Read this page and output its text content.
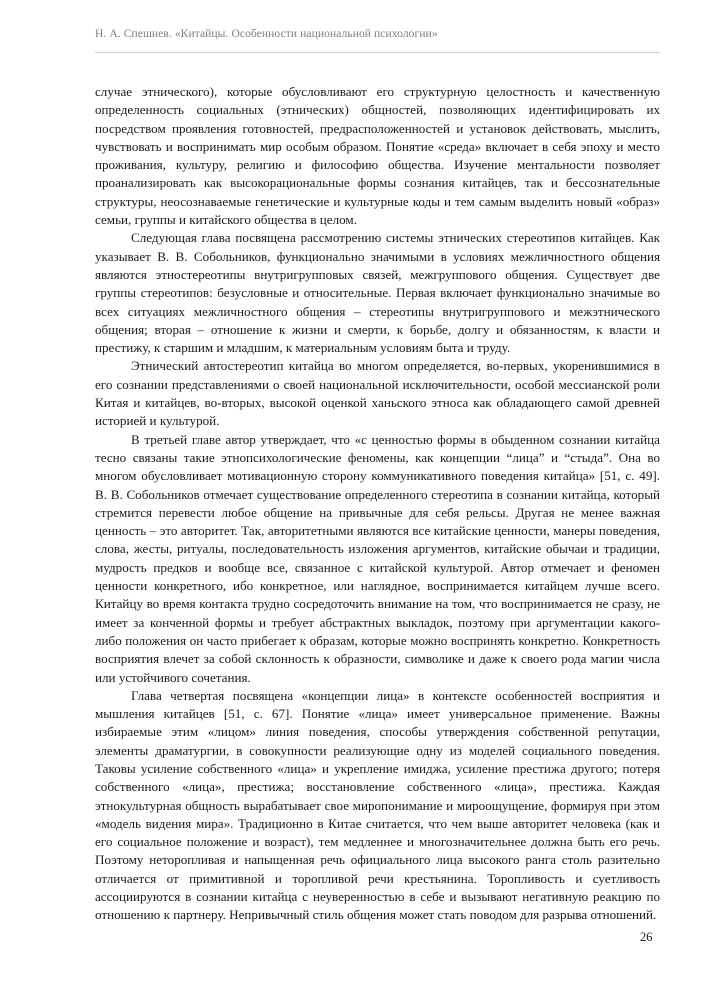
Н. А. Спешнев. «Китайцы. Особенности национальной психологии»

случае этнического), которые обусловливают его структурную целостность и качественную определенность социальных (этнических) общностей, позволяющих идентифицировать их посредством проявления готовностей, предрасположенностей и установок действовать, мыслить, чувствовать и воспринимать мир особым образом. Понятие «среда» включает в себя эпоху и место проживания, культуру, религию и философию общества. Изучение ментальности позволяет проанализировать как высокорациональные формы сознания китайцев, так и бессознательные структуры, неосознаваемые генетические и культурные коды и тем самым выделить новый «образ» семьи, группы и китайского общества в целом.

Следующая глава посвящена рассмотрению системы этнических стереотипов китайцев. Как указывает В. В. Собольников, функционально значимыми в условиях межличностного общения являются этностереотипы внутригрупповых связей, межгруппового общения. Существует две группы стереотипов: безусловные и относительные. Первая включает функционально значимые во всех ситуациях межличностного общения – стереотипы внутригруппового и межэтнического общения; вторая – отношение к жизни и смерти, к борьбе, долгу и обязанностям, к власти и престижу, к старшим и младшим, к материальным условиям быта и труду.

Этнический автостереотип китайца во многом определяется, во-первых, укоренившимися в его сознании представлениями о своей национальной исключительности, особой мессианской роли Китая и китайцев, во-вторых, высокой оценкой ханьского этноса как обладающего самой древней историей и культурой.

В третьей главе автор утверждает, что «с ценностью формы в обыденном сознании китайца тесно связаны такие этнопсихологические феномены, как концепции “лица” и “стыда”. Она во многом обусловливает мотивационную сторону коммуникативного поведения китайца» [51, с. 49]. В. В. Собольников отмечает существование определенного стереотипа в сознании китайца, который стремится перевести любое общение на привычные для себя рельсы. Другая не менее важная ценность – это авторитет. Так, авторитетными являются все китайские ценности, манеры поведения, слова, жесты, ритуалы, последовательность изложения аргументов, китайские обычаи и традиции, мудрость предков и вообще все, связанное с китайской культурой. Автор отмечает и феномен ценности конкретного, ибо конкретное, или наглядное, воспринимается китайцем лучше всего. Китайцу во время контакта трудно сосредоточить внимание на том, что воспринимается не сразу, не имеет за конченной формы и требует абстрактных выкладок, поэтому при аргументации какого-либо положения он часто прибегает к образам, которые можно воспринять конкретно. Конкретность восприятия влечет за собой склонность к образности, символике и даже к своего рода магии числа или устойчивого сочетания.

Глава четвертая посвящена «концепции лица» в контексте особенностей восприятия и мышления китайцев [51, с. 67]. Понятие «лица» имеет универсальное применение. Важны избираемые этим «лицом» линия поведения, способы утверждения собственной репутации, элементы драматургии, в совокупности реализующие одну из моделей социального поведения. Таковы усиление собственного «лица» и укрепление имиджа, усиление престижа другого; потеря собственного «лица», престижа; восстановление собственного «лица», престижа. Каждая этнокультурная общность вырабатывает свое миропонимание и мироощущение, формируя при этом «модель видения мира». Традиционно в Китае считается, что чем выше авторитет человека (как и его социальное положение и возраст), тем медленнее и многозначительнее должна быть его речь. Поэтому неторопливая и напыщенная речь официального лица высокого ранга столь разительно отличается от примитивной и торопливой речи крестьянина. Торопливость и суетливость ассоциируются в сознании китайца с неуверенностью в себе и вызывают негативную реакцию по отношению к партнеру. Непривычный стиль общения может стать поводом для разрыва отношений.

26
